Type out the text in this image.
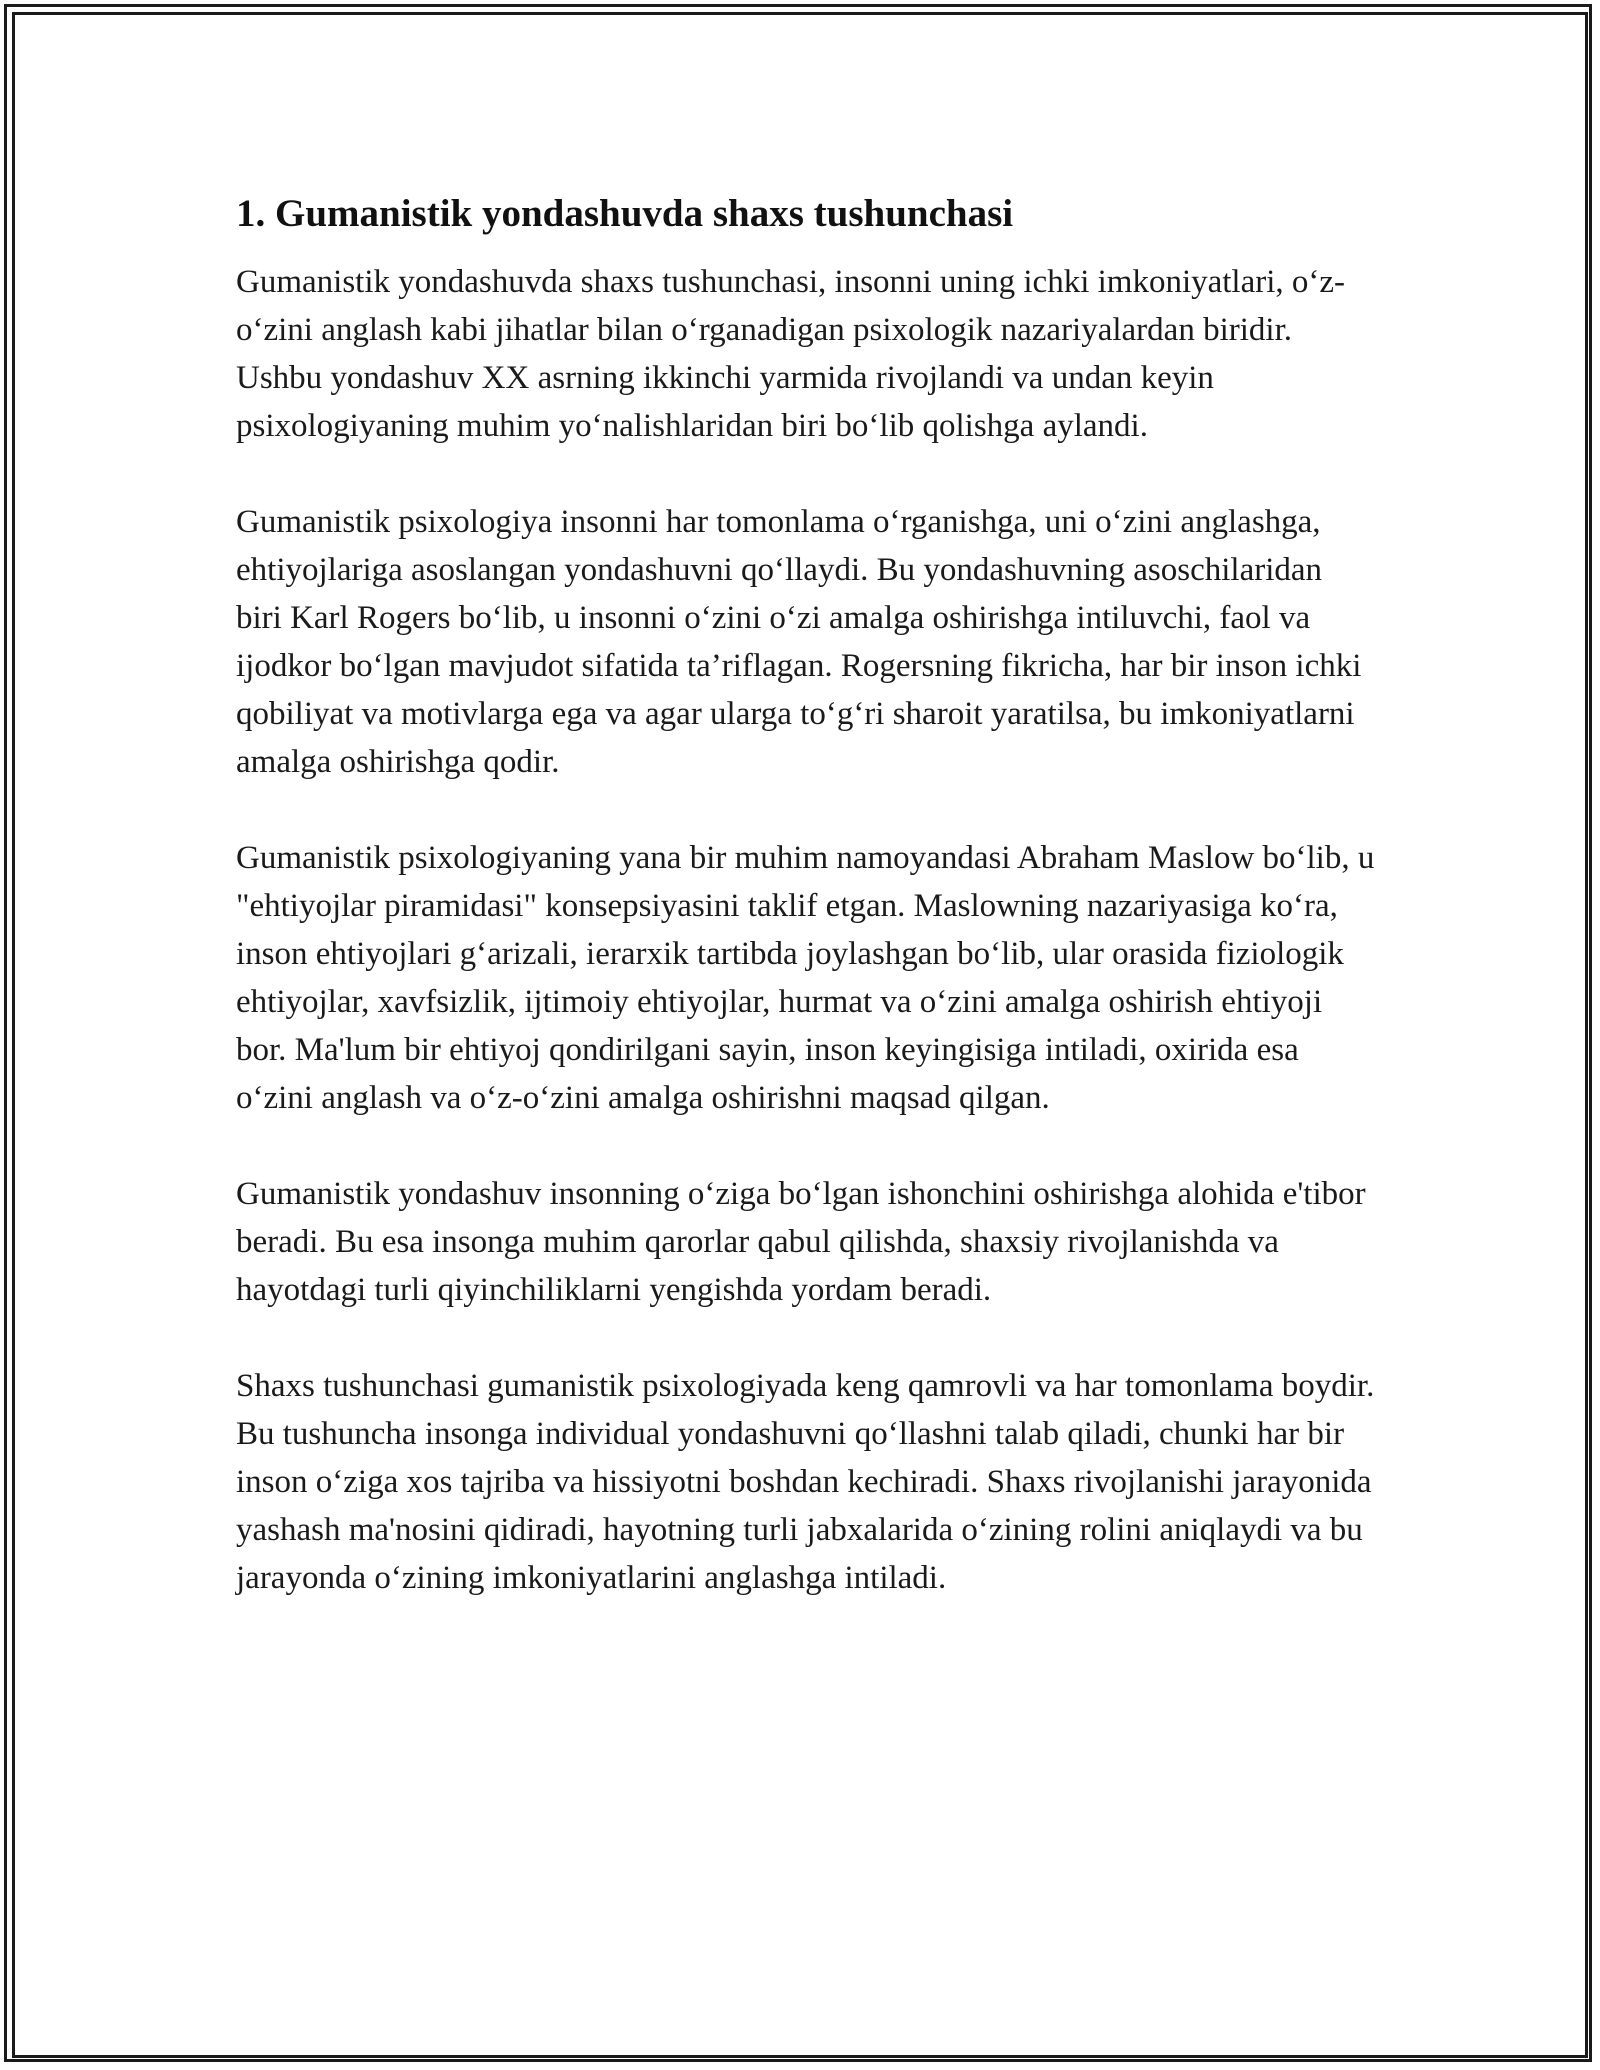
1. Gumanistik yondashuvda shaxs tushunchasi

Gumanistik yondashuvda shaxs tushunchasi, insonni uning ichki imkoniyatlari, o‘z-o‘zini anglash kabi jihatlar bilan o‘rganadigan psixologik nazariyalardan biridir. Ushbu yondashuv XX asrning ikkinchi yarmida rivojlandi va undan keyin psixologiyaning muhim yo‘nalishlaridan biri bo‘lib qolishga aylandi.

Gumanistik psixologiya insonni har tomonlama o‘rganishga, uni o‘zini anglashga, ehtiyojlariga asoslangan yondashuvni qo‘llaydi. Bu yondashuvning asoschilaridan biri Karl Rogers bo‘lib, u insonni o‘zini o‘zi amalga oshirishga intiluvchi, faol va ijodkor bo‘lgan mavjudot sifatida ta’riflagan. Rogersning fikricha, har bir inson ichki qobiliyat va motivlarga ega va agar ularga to‘g‘ri sharoit yaratilsa, bu imkoniyatlarni amalga oshirishga qodir.

Gumanistik psixologiyaning yana bir muhim namoyandasi Abraham Maslow bo‘lib, u "ehtiyojlar piramidasi" konsepsiyasini taklif etgan. Maslowning nazariyasiga ko‘ra, inson ehtiyojlari g‘arizali, ierarxik tartibda joylashgan bo‘lib, ular orasida fiziologik ehtiyojlar, xavfsizlik, ijtimoiy ehtiyojlar, hurmat va o‘zini amalga oshirish ehtiyoji bor. Ma'lum bir ehtiyoj qondirilgani sayin, inson keyingisiga intiladi, oxirida esa o‘zini anglash va o‘z-o‘zini amalga oshirishni maqsad qilgan.

Gumanistik yondashuv insonning o‘ziga bo‘lgan ishonchini oshirishga alohida e'tibor beradi. Bu esa insonga muhim qarorlar qabul qilishda, shaxsiy rivojlanishda va hayotdagi turli qiyinchiliklarni yengishda yordam beradi.

Shaxs tushunchasi gumanistik psixologiyada keng qamrovli va har tomonlama boydir. Bu tushuncha insonga individual yondashuvni qo‘llashni talab qiladi, chunki har bir inson o‘ziga xos tajriba va hissiyotni boshdan kechiradi. Shaxs rivojlanishi jarayonida yashash ma'nosini qidiradi, hayotning turli jabxalarida o‘zining rolini aniqlaydi va bu jarayonda o‘zining imkoniyatlarini anglashga intiladi.
